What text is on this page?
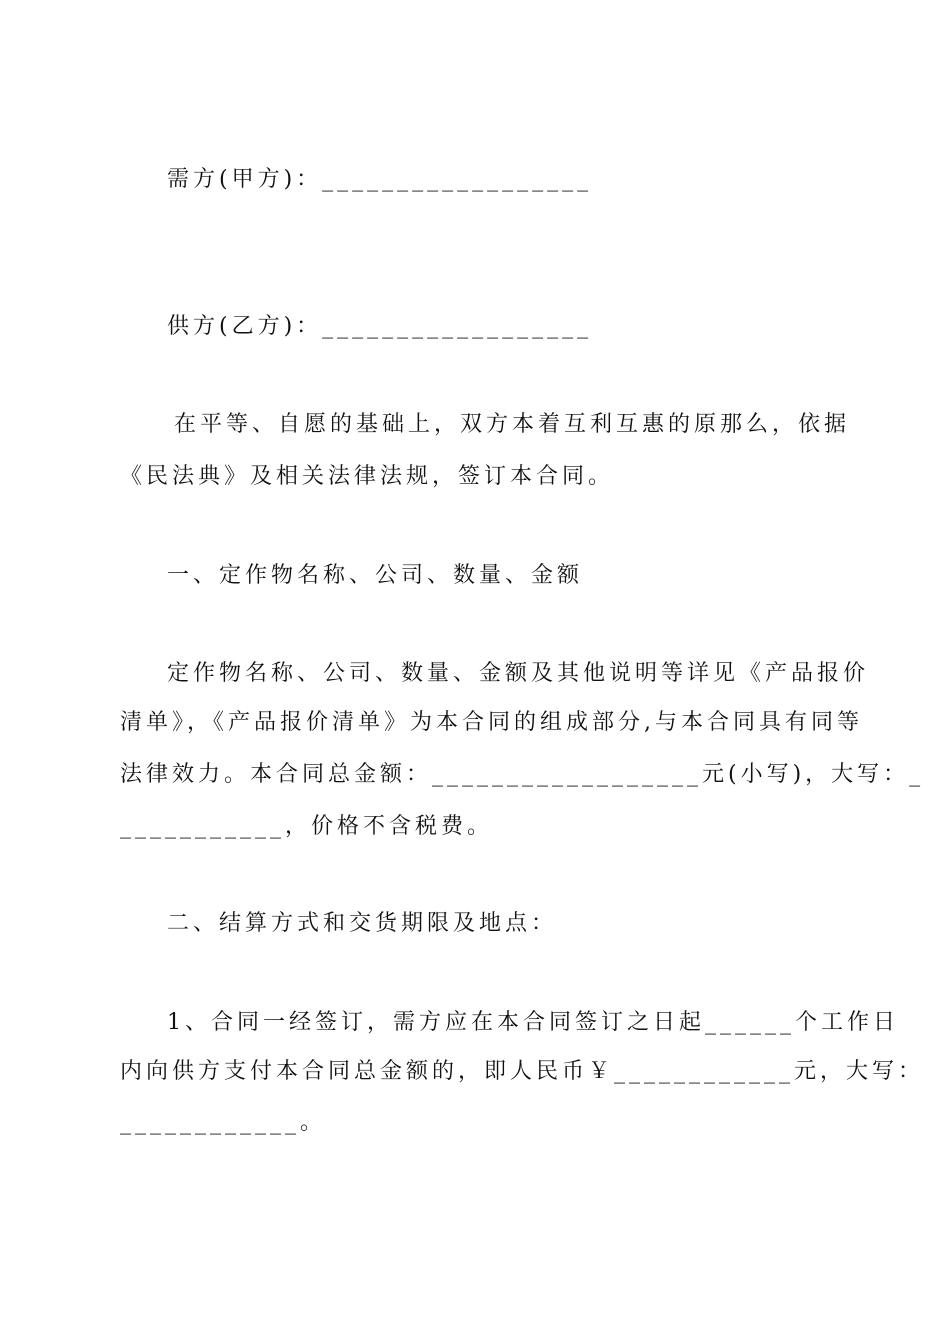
需方(甲方)：__________________

供方(乙方)：__________________

在平等、自愿的基础上，双方本着互利互惠的原那么，依据

《民法典》及相关法律法规，签订本合同。

一、定作物名称、公司、数量、金额

定作物名称、公司、数量、金额及其他说明等详见《产品报价

清单》，《产品报价清单》为本合同的组成部分,与本合同具有同等

法律效力。本合同总金额：__________________元(小写)，大写：_

___________，价格不含税费。

二、结算方式和交货期限及地点：

1、合同一经签订，需方应在本合同签订之日起______个工作日

内向供方支付本合同总金额的，即人民币￥____________元，大写：

____________。
